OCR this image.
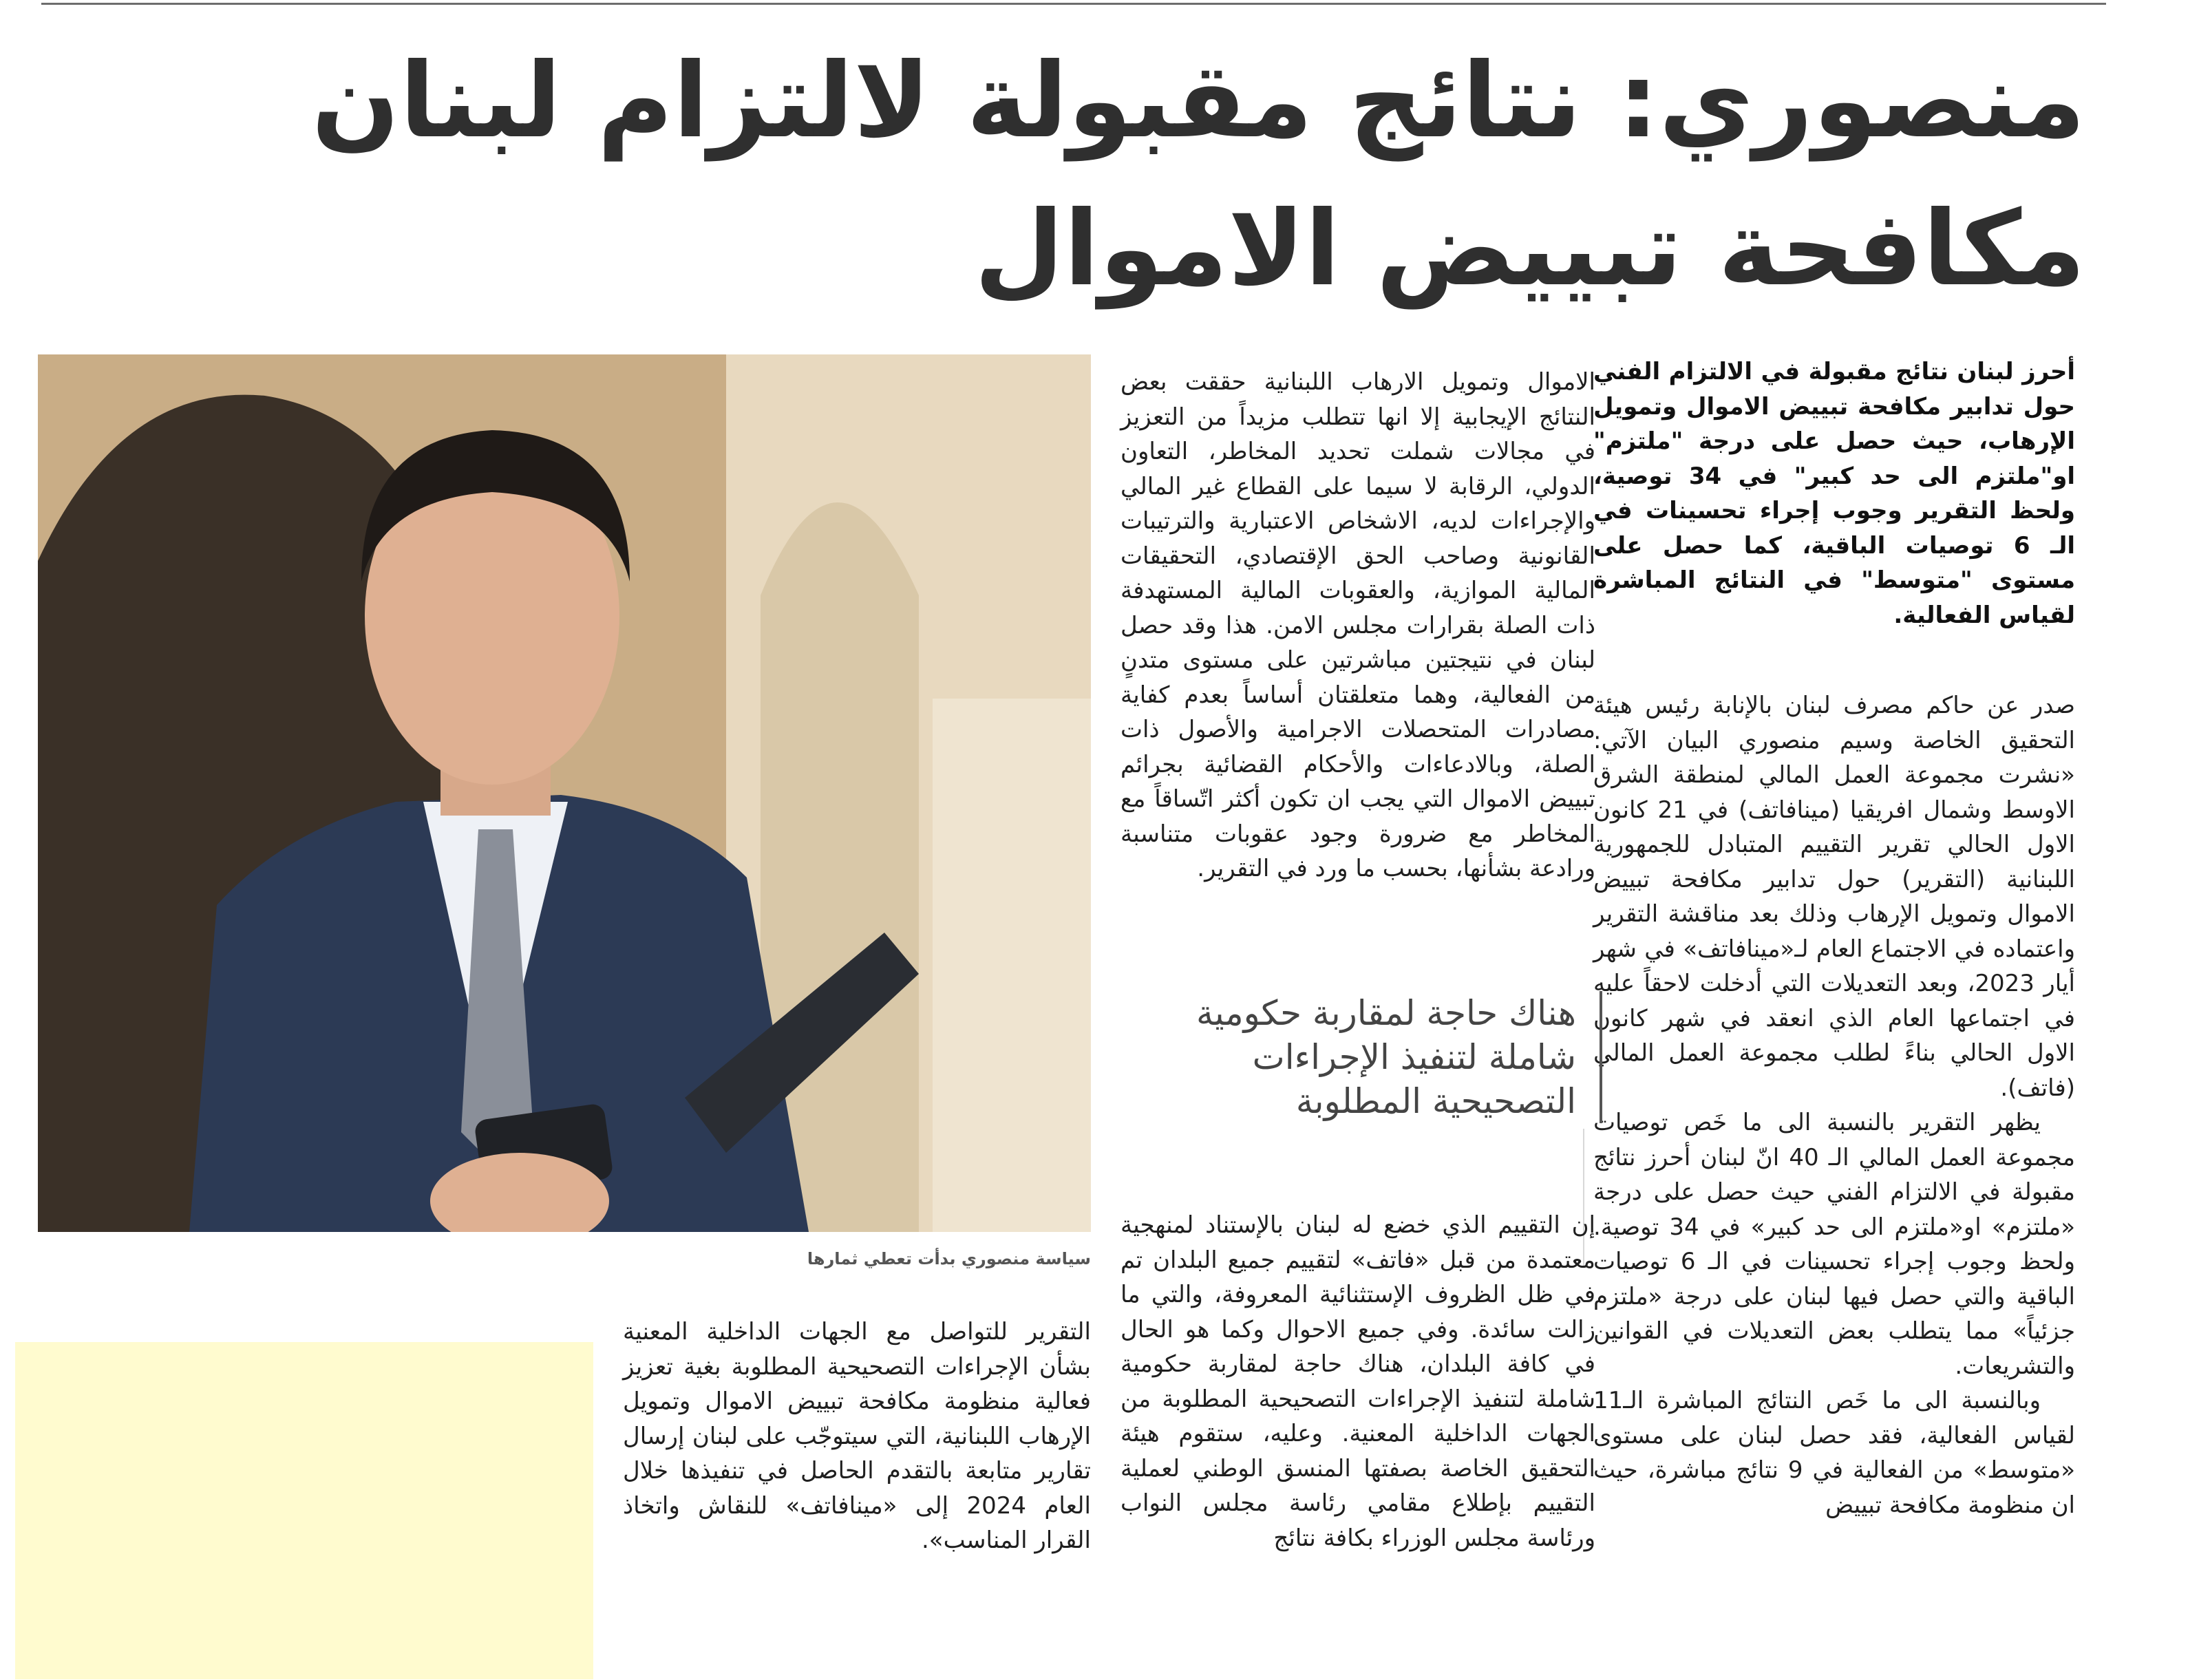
منصوري: نتائج مقبولة لالتزام لبنان مكافحة تبييض الاموال

أحرز لبنان نتائج مقبولة في الالتزام الفني حول تدابير مكافحة تبييض الاموال وتمويل الإرهاب، حيث حصل على درجة "ملتزم" او"ملتزم الى حد كبير" في 34 توصية، ولحظ التقرير وجوب إجراء تحسينات في الـ 6 توصيات الباقية، كما حصل على مستوى "متوسط" في النتائج المباشرة لقياس الفعالية.

صدر عن حاكم مصرف لبنان بالإنابة رئيس هيئة التحقيق الخاصة وسيم منصوري البيان الآتي: «نشرت مجموعة العمل المالي لمنطقة الشرق الاوسط وشمال افريقيا (مينافاتف) في 21 كانون الاول الحالي تقرير التقييم المتبادل للجمهورية اللبنانية (التقرير) حول تدابير مكافحة تبييض الاموال وتمويل الإرهاب وذلك بعد مناقشة التقرير واعتماده في الاجتماع العام لـ«مينافاتف» في شهر أيار 2023، وبعد التعديلات التي أدخلت لاحقاً عليه في اجتماعها العام الذي انعقد في شهر كانون الاول الحالي بناءً لطلب مجموعة العمل المالي (فاتف).

يظهر التقرير بالنسبة الى ما خَص توصيات مجموعة العمل المالي الـ 40 انّ لبنان أحرز نتائج مقبولة في الالتزام الفني حيث حصل على درجة «ملتزم» او«ملتزم الى حد كبير» في 34 توصية. ولحظ وجوب إجراء تحسينات في الـ 6 توصيات الباقية والتي حصل فيها لبنان على درجة «ملتزم جزئياً» مما يتطلب بعض التعديلات في القوانين والتشريعات.

وبالنسبة الى ما خَص النتائج المباشرة الـ11 لقياس الفعالية، فقد حصل لبنان على مستوى «متوسط» من الفعالية في 9 نتائج مباشرة، حيث ان منظومة مكافحة تبييض

الاموال وتمويل الارهاب اللبنانية حققت بعض النتائج الإيجابية إلا انها تتطلب مزيداً من التعزيز في مجالات شملت تحديد المخاطر، التعاون الدولي، الرقابة لا سيما على القطاع غير المالي والإجراءات لديه، الاشخاص الاعتبارية والترتيبات القانونية وصاحب الحق الإقتصادي، التحقيقات المالية الموازية، والعقوبات المالية المستهدفة ذات الصلة بقرارات مجلس الامن. هذا وقد حصل لبنان في نتيجتين مباشرتين على مستوى متدنٍ من الفعالية، وهما متعلقتان أساساً بعدم كفاية مصادرات المتحصلات الاجرامية والأصول ذات الصلة، وبالادعاءات والأحكام القضائية بجرائم تبييض الاموال التي يجب ان تكون أكثر اتّساقاً مع المخاطر مع ضرورة وجود عقوبات متناسبة ورادعة بشأنها، بحسب ما ورد في التقرير.

هناك حاجة لمقاربة حكومية شاملة لتنفيذ الإجراءات التصحيحية المطلوبة

إن التقييم الذي خضع له لبنان بالإستناد لمنهجية معتمدة من قبل «فاتف» لتقييم جميع البلدان تم في ظل الظروف الإستثنائية المعروفة، والتي ما زالت سائدة. وفي جميع الاحوال وكما هو الحال في كافة البلدان، هناك حاجة لمقاربة حكومية شاملة لتنفيذ الإجراءات التصحيحية المطلوبة من الجهات الداخلية المعنية. وعليه، ستقوم هيئة التحقيق الخاصة بصفتها المنسق الوطني لعملية التقييم بإطلاع مقامي رئاسة مجلس النواب ورئاسة مجلس الوزراء بكافة نتائج

سياسة منصوري بدأت تعطي ثمارها

التقرير للتواصل مع الجهات الداخلية المعنية بشأن الإجراءات التصحيحية المطلوبة بغية تعزيز فعالية منظومة مكافحة تبييض الاموال وتمويل الإرهاب اللبنانية، التي سيتوجّب على لبنان إرسال تقارير متابعة بالتقدم الحاصل في تنفيذها خلال العام 2024 إلى «مينافاتف» للنقاش واتخاذ القرار المناسب».
